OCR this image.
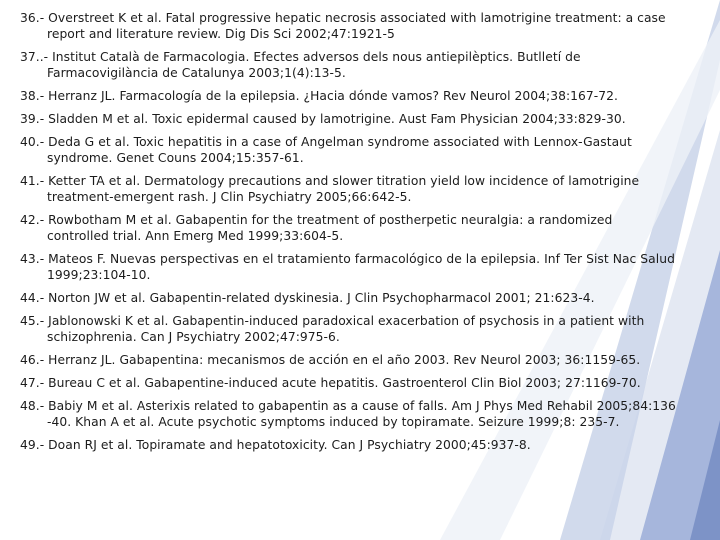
36.- Overstreet K et al. Fatal progressive hepatic necrosis associated with lamotrigine treatment: a case
report and literature review. Dig Dis Sci 2002;47:1921-5
37..- Institut Català de Farmacologia. Efectes adversos dels nous antiepilèptics. Butlletí de
Farmacovigilància de Catalunya 2003;1(4):13-5.
38.- Herranz JL. Farmacología de la epilepsia. ¿Hacia dónde vamos? Rev Neurol 2004;38:167-72.
39.- Sladden M et al. Toxic epidermal caused by lamotrigine. Aust Fam Physician 2004;33:829-30.
40.- Deda G et al. Toxic hepatitis in a case of Angelman syndrome associated with Lennox-Gastaut
syndrome. Genet Couns 2004;15:357-61.
41.- Ketter TA et al. Dermatology precautions and slower titration yield low incidence of lamotrigine
treatment-emergent rash. J Clin Psychiatry 2005;66:642-5.
42.- Rowbotham M et al. Gabapentin for the treatment of postherpetic neuralgia: a randomized
controlled trial. Ann Emerg Med 1999;33:604-5.
43.- Mateos F. Nuevas perspectivas en el tratamiento farmacológico de la epilepsia. Inf Ter Sist Nac Salud
1999;23:104-10.
44.- Norton JW et al. Gabapentin-related dyskinesia. J Clin Psychopharmacol 2001; 21:623-4.
45.- Jablonowski K et al. Gabapentin-induced paradoxical exacerbation of psychosis in a patient with
schizophrenia. Can J Psychiatry 2002;47:975-6.
46.- Herranz JL. Gabapentina: mecanismos de acción en el año 2003. Rev Neurol 2003; 36:1159-65.
47.- Bureau C et al. Gabapentine-induced acute hepatitis. Gastroenterol Clin Biol 2003; 27:1169-70.
48.- Babiy M et al. Asterixis related to gabapentin as a cause of falls. Am J Phys Med Rehabil 2005;84:136
-40. Khan A et al. Acute psychotic symptoms induced by topiramate. Seizure 1999;8: 235-7.
49.- Doan RJ et al. Topiramate and hepatotoxicity. Can J Psychiatry 2000;45:937-8.
